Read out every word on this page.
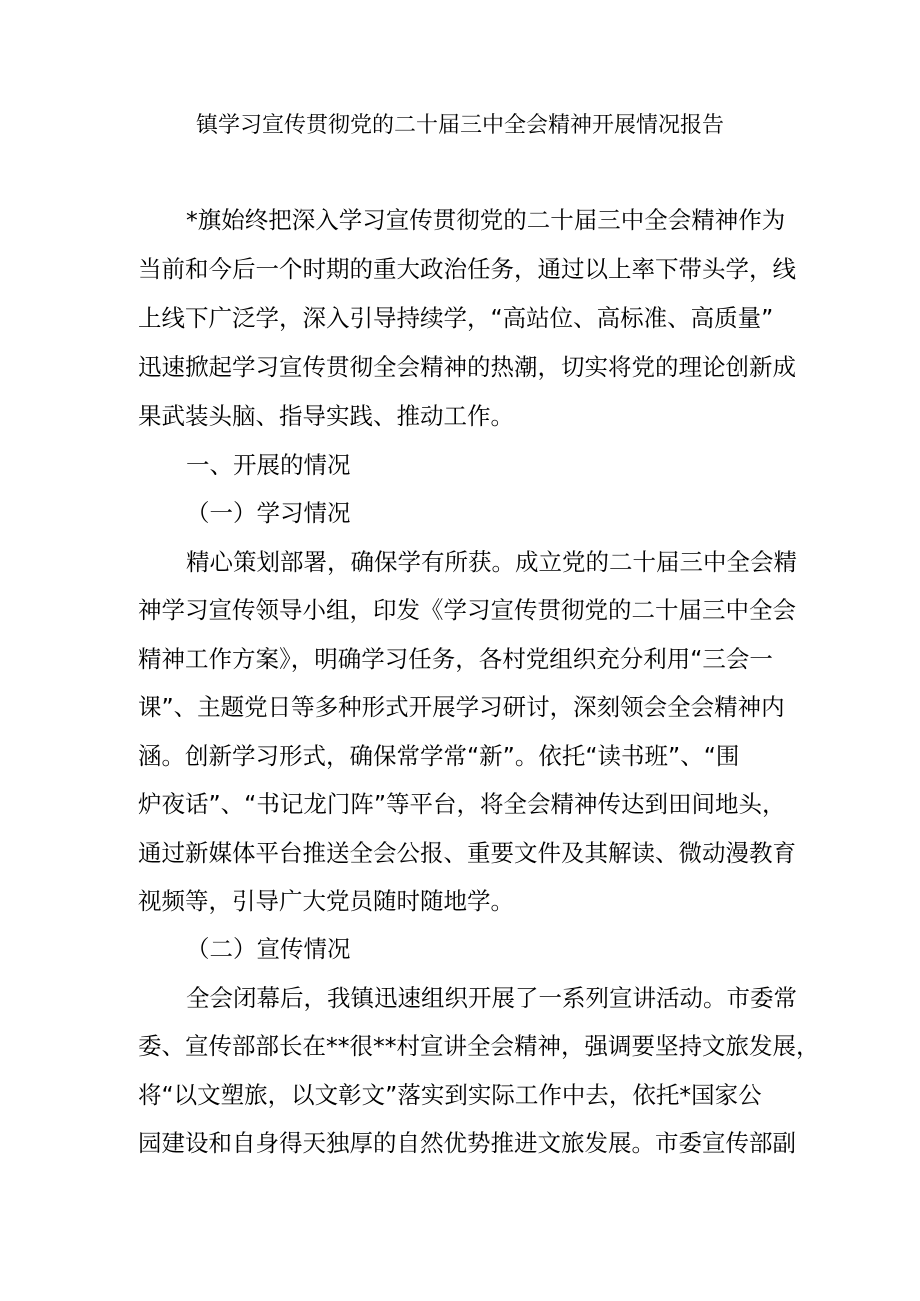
镇学习宣传贯彻党的二十届三中全会精神开展情况报告
*旗始终把深入学习宣传贯彻党的二十届三中全会精神作为
当前和今后一个时期的重大政治任务，通过以上率下带头学，线
上线下广泛学，深入引导持续学，“高站位、高标准、高质量”
迅速掀起学习宣传贯彻全会精神的热潮，切实将党的理论创新成
果武装头脑、指导实践、推动工作。
一、开展的情况
（一）学习情况
精心策划部署，确保学有所获。成立党的二十届三中全会精
神学习宣传领导小组，印发《学习宣传贯彻党的二十届三中全会
精神工作方案》，明确学习任务，各村党组织充分利用“三会一
课”、主题党日等多种形式开展学习研讨，深刻领会全会精神内
涵。创新学习形式，确保常学常“新”。依托“读书班”、“围
炉夜话”、“书记龙门阵”等平台，将全会精神传达到田间地头，
通过新媒体平台推送全会公报、重要文件及其解读、微动漫教育
视频等，引导广大党员随时随地学。
（二）宣传情况
全会闭幕后，我镇迅速组织开展了一系列宣讲活动。市委常
委、宣传部部长在**很**村宣讲全会精神，强调要坚持文旅发展，
将“以文塑旅，以文彰文”落实到实际工作中去，依托*国家公
园建设和自身得天独厚的自然优势推进文旅发展。市委宣传部副
